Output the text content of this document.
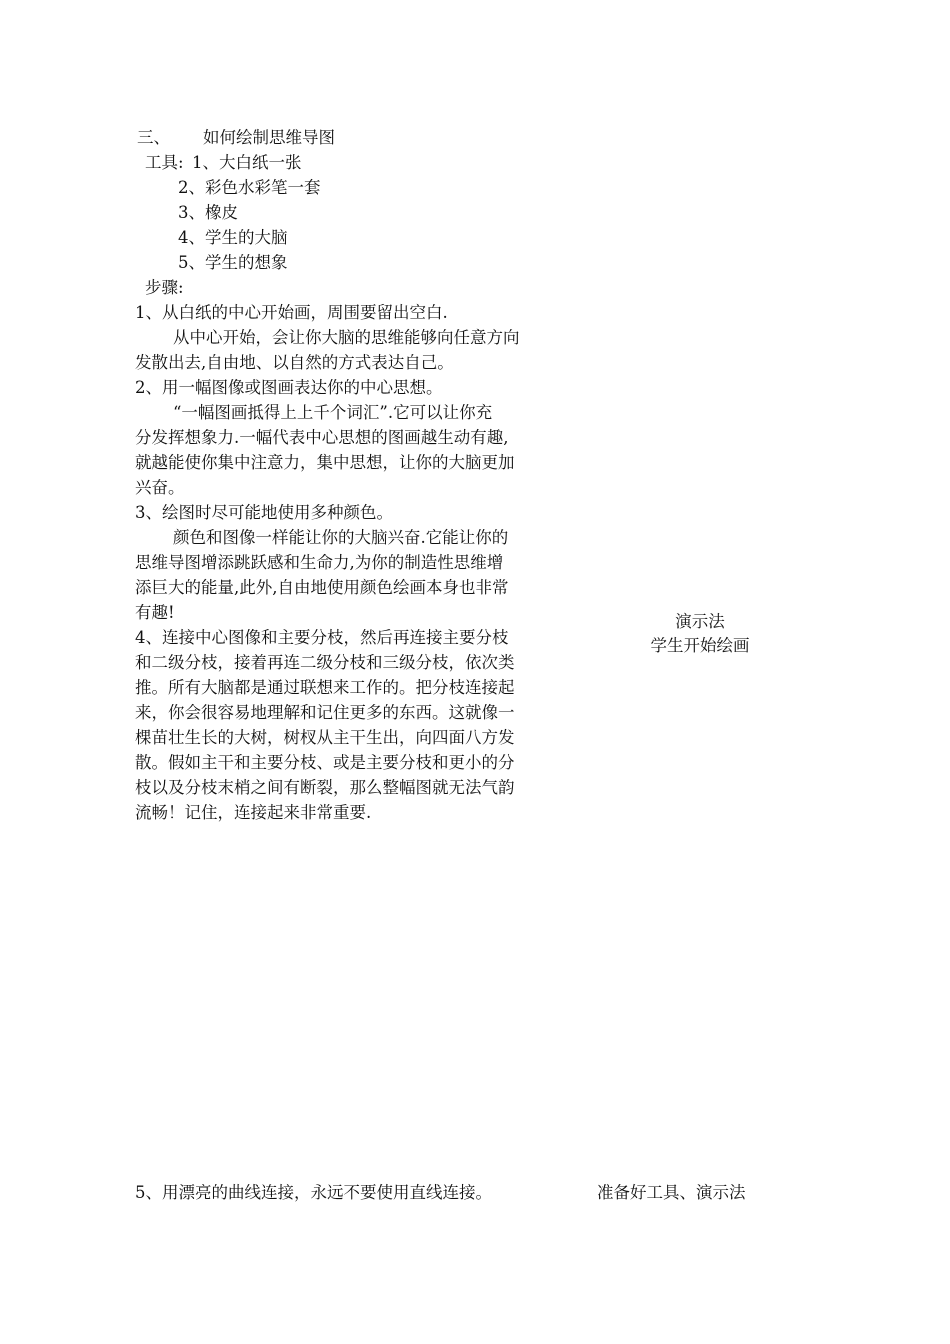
三、 如何绘制思维导图
工具: 1、大白纸一张
2、彩色水彩笔一套
3、橡皮
4、学生的大脑
5、学生的想象
步骤:
1、从白纸的中心开始画，周围要留出空白.
从中心开始，会让你大脑的思维能够向任意方向
发散出去,自由地、以自然的方式表达自己。
2、用一幅图像或图画表达你的中心思想。
“一幅图画抵得上上千个词汇”.它可以让你充
分发挥想象力.一幅代表中心思想的图画越生动有趣,
就越能使你集中注意力，集中思想，让你的大脑更加
兴奋。
3、绘图时尽可能地使用多种颜色。
颜色和图像一样能让你的大脑兴奋.它能让你的
思维导图增添跳跃感和生命力,为你的制造性思维增
添巨大的能量,此外,自由地使用颜色绘画本身也非常
有趣!
4、连接中心图像和主要分枝，然后再连接主要分枝
和二级分枝，接着再连二级分枝和三级分枝，依次类
推。所有大脑都是通过联想来工作的。把分枝连接起
来，你会很容易地理解和记住更多的东西。这就像一
棵苗壮生长的大树，树杈从主干生出，向四面八方发
散。假如主干和主要分枝、或是主要分枝和更小的分
枝以及分枝末梢之间有断裂，那么整幅图就无法气韵
流畅！记住，连接起来非常重要.
演示法
学生开始绘画
5、用漂亮的曲线连接，永远不要使用直线连接。	准备好工具、演示法
